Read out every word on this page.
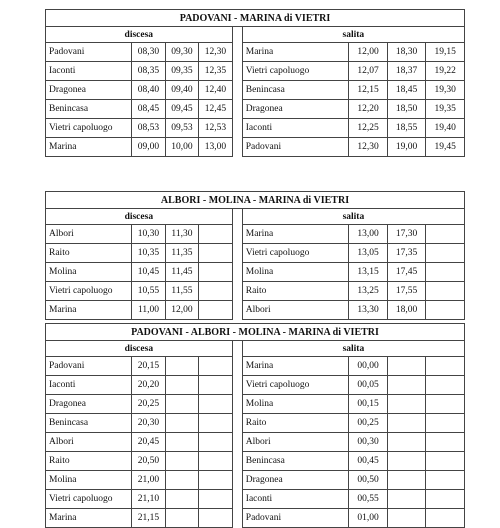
PADOVANI - MARINA di VIETRI								
discesa					salita			
Padovani	08,30	09,30	12,30		Marina	12,00	18,30	19,15
Iaconti	08,35	09,35	12,35		Vietri capoluogo	12,07	18,37	19,22
Dragonea	08,40	09,40	12,40		Benincasa	12,15	18,45	19,30
Benincasa	08,45	09,45	12,45		Dragonea	12,20	18,50	19,35
Vietri capoluogo	08,53	09,53	12,53		Iaconti	12,25	18,55	19,40
Marina	09,00	10,00	13,00		Padovani	12,30	19,00	19,45
ALBORI - MOLINA - MARINA di VIETRI								
discesa					salita			
Albori	10,30	11,30			Marina	13,00	17,30	
Raito	10,35	11,35			Vietri capoluogo	13,05	17,35	
Molina	10,45	11,45			Molina	13,15	17,45	
Vietri capoluogo	10,55	11,55			Raito	13,25	17,55	
Marina	11,00	12,00			Albori	13,30	18,00	
PADOVANI - ALBORI - MOLINA - MARINA di VIETRI								
discesa					salita			
Padovani	20,15				Marina	00,00		
Iaconti	20,20				Vietri capoluogo	00,05		
Dragonea	20,25				Molina	00,15		
Benincasa	20,30				Raito	00,25		
Albori	20,45				Albori	00,30		
Raito	20,50				Benincasa	00,45		
Molina	21,00				Dragonea	00,50		
Vietri capoluogo	21,10				Iaconti	00,55		
Marina	21,15				Padovani	01,00		
